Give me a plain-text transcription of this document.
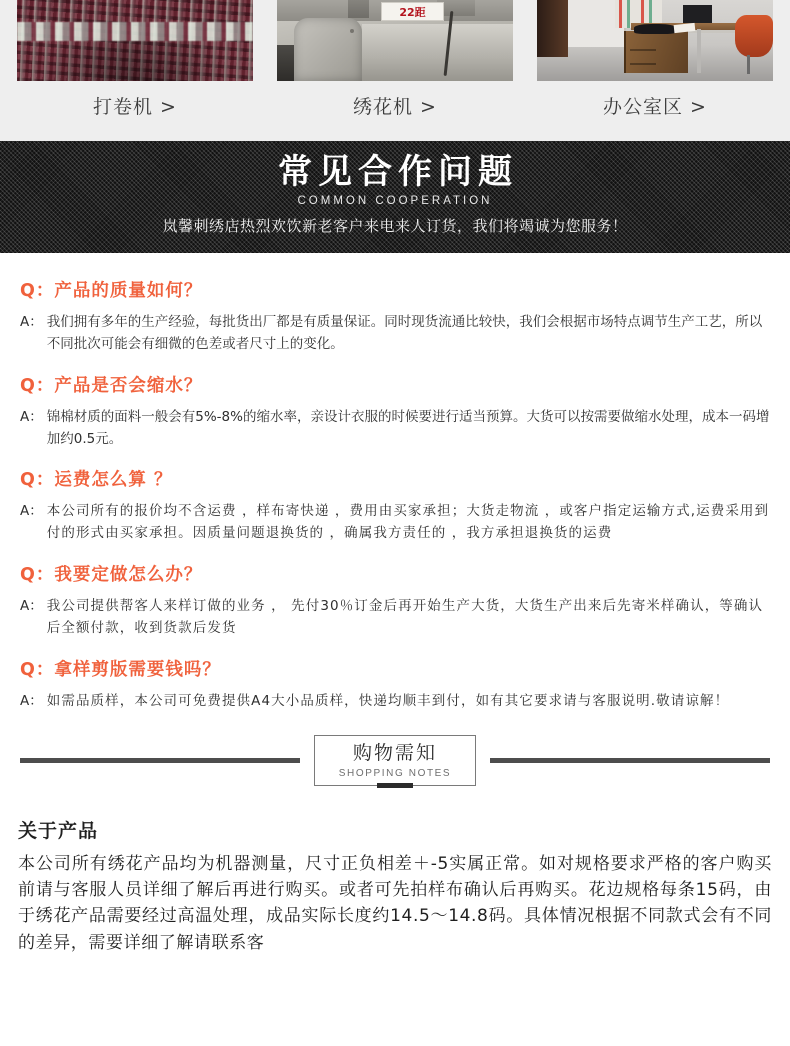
打卷机 >
22距
绣花机 >	办公室区 >
常见合作问题
COMMON COOPERATION
岚馨刺绣店热烈欢饮新老客户来电来人订货，我们将竭诚为您服务！
Q：产品的质量如何？
A： 我们拥有多年的生产经验，每批货出厂都是有质量保证。同时现货流通比较快，我们会根据市场特点调节生产工艺，所以不同批次可能会有细微的色差或者尺寸上的变化。
Q：产品是否会缩水？
A： 锦棉材质的面料一般会有5%-8%的缩水率，亲设计衣服的时候要进行适当预算。大货可以按需要做缩水处理，成本一码增加约0.5元。
Q：运费怎么算 ？
A： 本公司所有的报价均不含运费 ，样布寄快递 ，费用由买家承担；大货走物流 ，或客户指定运输方式,运费采用到付的形式由买家承担。因质量问题退换货的 ，确属我方责任的 ，我方承担退换货的运费
Q：我要定做怎么办？
A： 我公司提供帮客人来样订做的业务 ， 先付30％订金后再开始生产大货，大货生产出来后先寄米样确认，等确认后全额付款，收到货款后发货
Q：拿样剪版需要钱吗？
A： 如需品质样，本公司可免费提供A4大小品质样，快递均顺丰到付，如有其它要求请与客服说明.敬请谅解！
购物需知
SHOPPING NOTES
关于产品
本公司所有绣花产品均为机器测量，尺寸正负相差＋-5实属正常。如对规格要求严格的客户购买前请与客服人员详细了解后再进行购买。或者可先拍样布确认后再购买。花边规格每条15码，由于绣花产品需要经过高温处理，成品实际长度约14.5～14.8码。具体情况根据不同款式会有不同的差异，需要详细了解请联系客
